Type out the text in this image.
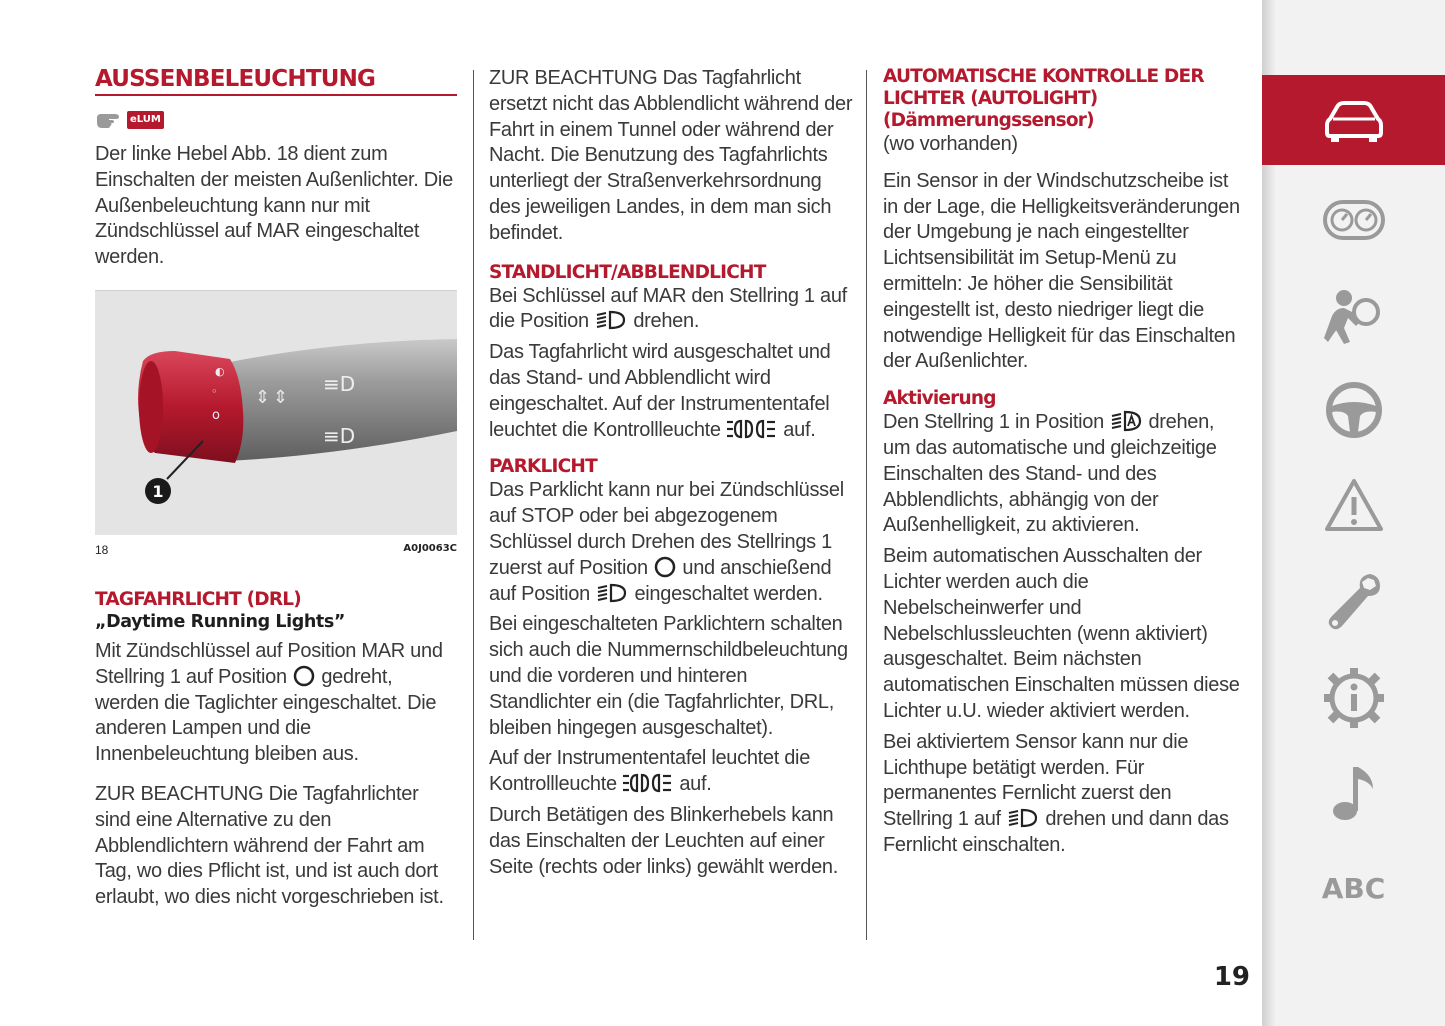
AUSSENBELEUCHTUNG
eLUM

Der linke Hebel Abb. 18 dient zum Einschalten der meisten Außenlichter. Die Außenbeleuchtung kann nur mit Zündschlüssel auf MAR eingeschaltet werden.

◐
◦
o
⇕ ⇕
≡D
≡D
1
18	A0J0063C
TAGFAHRLICHT (DRL)
„Daytime Running Lights”

Mit Zündschlüssel auf Position MAR und Stellring 1 auf Position gedreht, werden die Taglichter eingeschaltet. Die anderen Lampen und die Innenbeleuchtung bleiben aus.

ZUR BEACHTUNG Die Tagfahrlichter sind eine Alternative zu den Abblendlichtern während der Fahrt am Tag, wo dies Pflicht ist, und ist auch dort erlaubt, wo dies nicht vorgeschrieben ist.

ZUR BEACHTUNG Das Tagfahrlicht ersetzt nicht das Abblendlicht während der Fahrt in einem Tunnel oder während der Nacht. Die Benutzung des Tagfahrlichts unterliegt der Straßenverkehrsordnung des jeweiligen Landes, in dem man sich befindet.

STANDLICHT/ABBLENDLICHT

Bei Schlüssel auf MAR den Stellring 1 auf die Position drehen.

Das Tagfahrlicht wird ausgeschaltet und das Stand- und Abblendlicht wird eingeschaltet. Auf der Instrumententafel leuchtet die Kontrollleuchte	auf.

PARKLICHT

Das Parklicht kann nur bei Zündschlüssel auf STOP oder bei abgezogenem Schlüssel durch Drehen des Stellrings 1 zuerst auf Position und anschießend auf Position eingeschaltet werden.

Bei eingeschalteten Parklichtern schalten sich auch die Nummernschildbeleuchtung und die vorderen und hinteren Standlichter ein (die Tagfahrlichter, DRL, bleiben hingegen ausgeschaltet).

Auf der Instrumententafel leuchtet die Kontrollleuchte	auf.

Durch Betätigen des Blinkerhebels kann das Einschalten der Leuchten auf einer Seite (rechts oder links) gewählt werden.

AUTOMATISCHE KONTROLLE DER
LICHTER (AUTOLIGHT)
(Dämmerungssensor)

(wo vorhanden)

Ein Sensor in der Windschutzscheibe ist in der Lage, die Helligkeitsveränderungen der Umgebung je nach eingestellter Lichtsensibilität im Setup-Menü zu ermitteln: Je höher die Sensibilität eingestellt ist, desto niedriger liegt die notwendige Helligkeit für das Einschalten der Außenlichter.

Aktivierung

Den Stellring 1 in Position drehen, um das automatische und gleichzeitige Einschalten des Stand- und des Abblendlichts, abhängig von der Außenhelligkeit, zu aktivieren.

Beim automatischen Ausschalten der Lichter werden auch die Nebelscheinwerfer und Nebelschlussleuchten (wenn aktiviert) ausgeschaltet. Beim nächsten automatischen Einschalten müssen diese Lichter u.U. wieder aktiviert werden.

Bei aktiviertem Sensor kann nur die Lichthupe betätigt werden. Für permanentes Fernlicht zuerst den Stellring 1 auf drehen und dann das Fernlicht einschalten.

19
ABC
